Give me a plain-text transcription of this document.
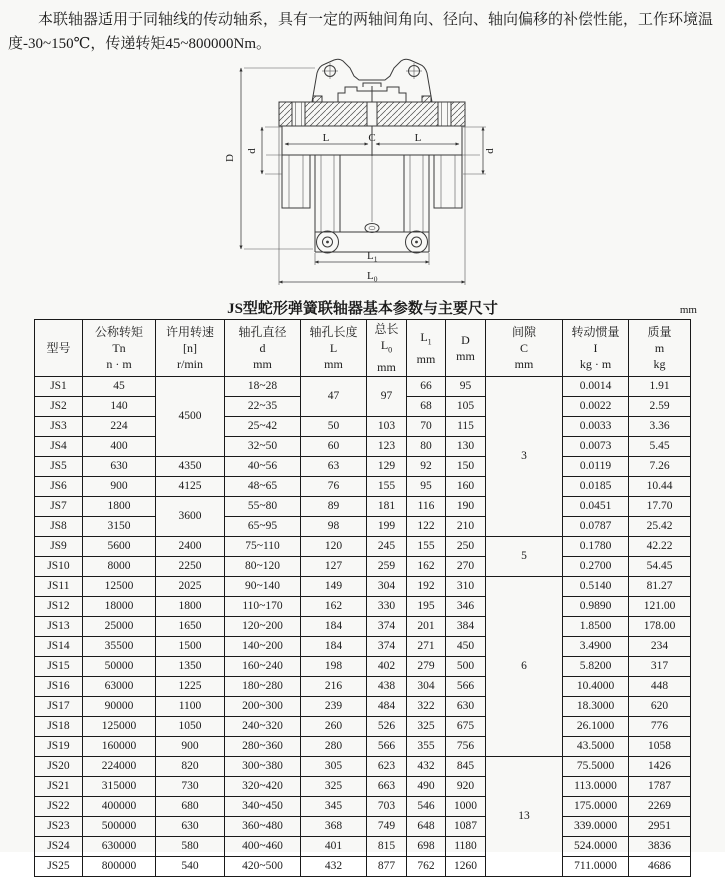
本联轴器适用于同轴线的传动轴系，具有一定的两轴间角向、径向、轴向偏移的补偿性能，工作环境温度-30~150℃，传递转矩45~800000Nm。
D
d	d
L	C	L
$L_1$
$L_0$
JS型蛇形弹簧联轴器基本参数与主要尺寸	mm
型号

公称转矩
Tn
n · m

许用转速
[n]
r/min

轴孔直径
d
mm

轴孔长度
L
mm

总长
$L_0$
mm

$L_1$
mm

D
mm

间隙
C
mm

转动惯量
I
kg · m

质量
m
kg

JS1	45	4500	18~28	47	97	66	95	3	0.0014	1.91
JS2	140		22~35			68	105		0.0022	2.59
JS3	224		25~42	50	103	70	115		0.0033	3.36
JS4	400		32~50	60	123	80	130		0.0073	5.45
JS5	630	4350	40~56	63	129	92	150		0.0119	7.26
JS6	900	4125	48~65	76	155	95	160		0.0185	10.44
JS7	1800	3600	55~80	89	181	116	190		0.0451	17.70
JS8	3150		65~95	98	199	122	210		0.0787	25.42
JS9	5600	2400	75~110	120	245	155	250	5	0.1780	42.22
JS10	8000	2250	80~120	127	259	162	270		0.2700	54.45
JS11	12500	2025	90~140	149	304	192	310	6	0.5140	81.27
JS12	18000	1800	110~170	162	330	195	346		0.9890	121.00
JS13	25000	1650	120~200	184	374	201	384		1.8500	178.00
JS14	35500	1500	140~200	184	374	271	450		3.4900	234
JS15	50000	1350	160~240	198	402	279	500		5.8200	317
JS16	63000	1225	180~280	216	438	304	566		10.4000	448
JS17	90000	1100	200~300	239	484	322	630		18.3000	620
JS18	125000	1050	240~320	260	526	325	675		26.1000	776
JS19	160000	900	280~360	280	566	355	756		43.5000	1058
JS20	224000	820	300~380	305	623	432	845	13	75.5000	1426
JS21	315000	730	320~420	325	663	490	920		113.0000	1787
JS22	400000	680	340~450	345	703	546	1000		175.0000	2269
JS23	500000	630	360~480	368	749	648	1087		339.0000	2951
JS24	630000	580	400~460	401	815	698	1180		524.0000	3836
JS25	800000	540	420~500	432	877	762	1260		711.0000	4686
